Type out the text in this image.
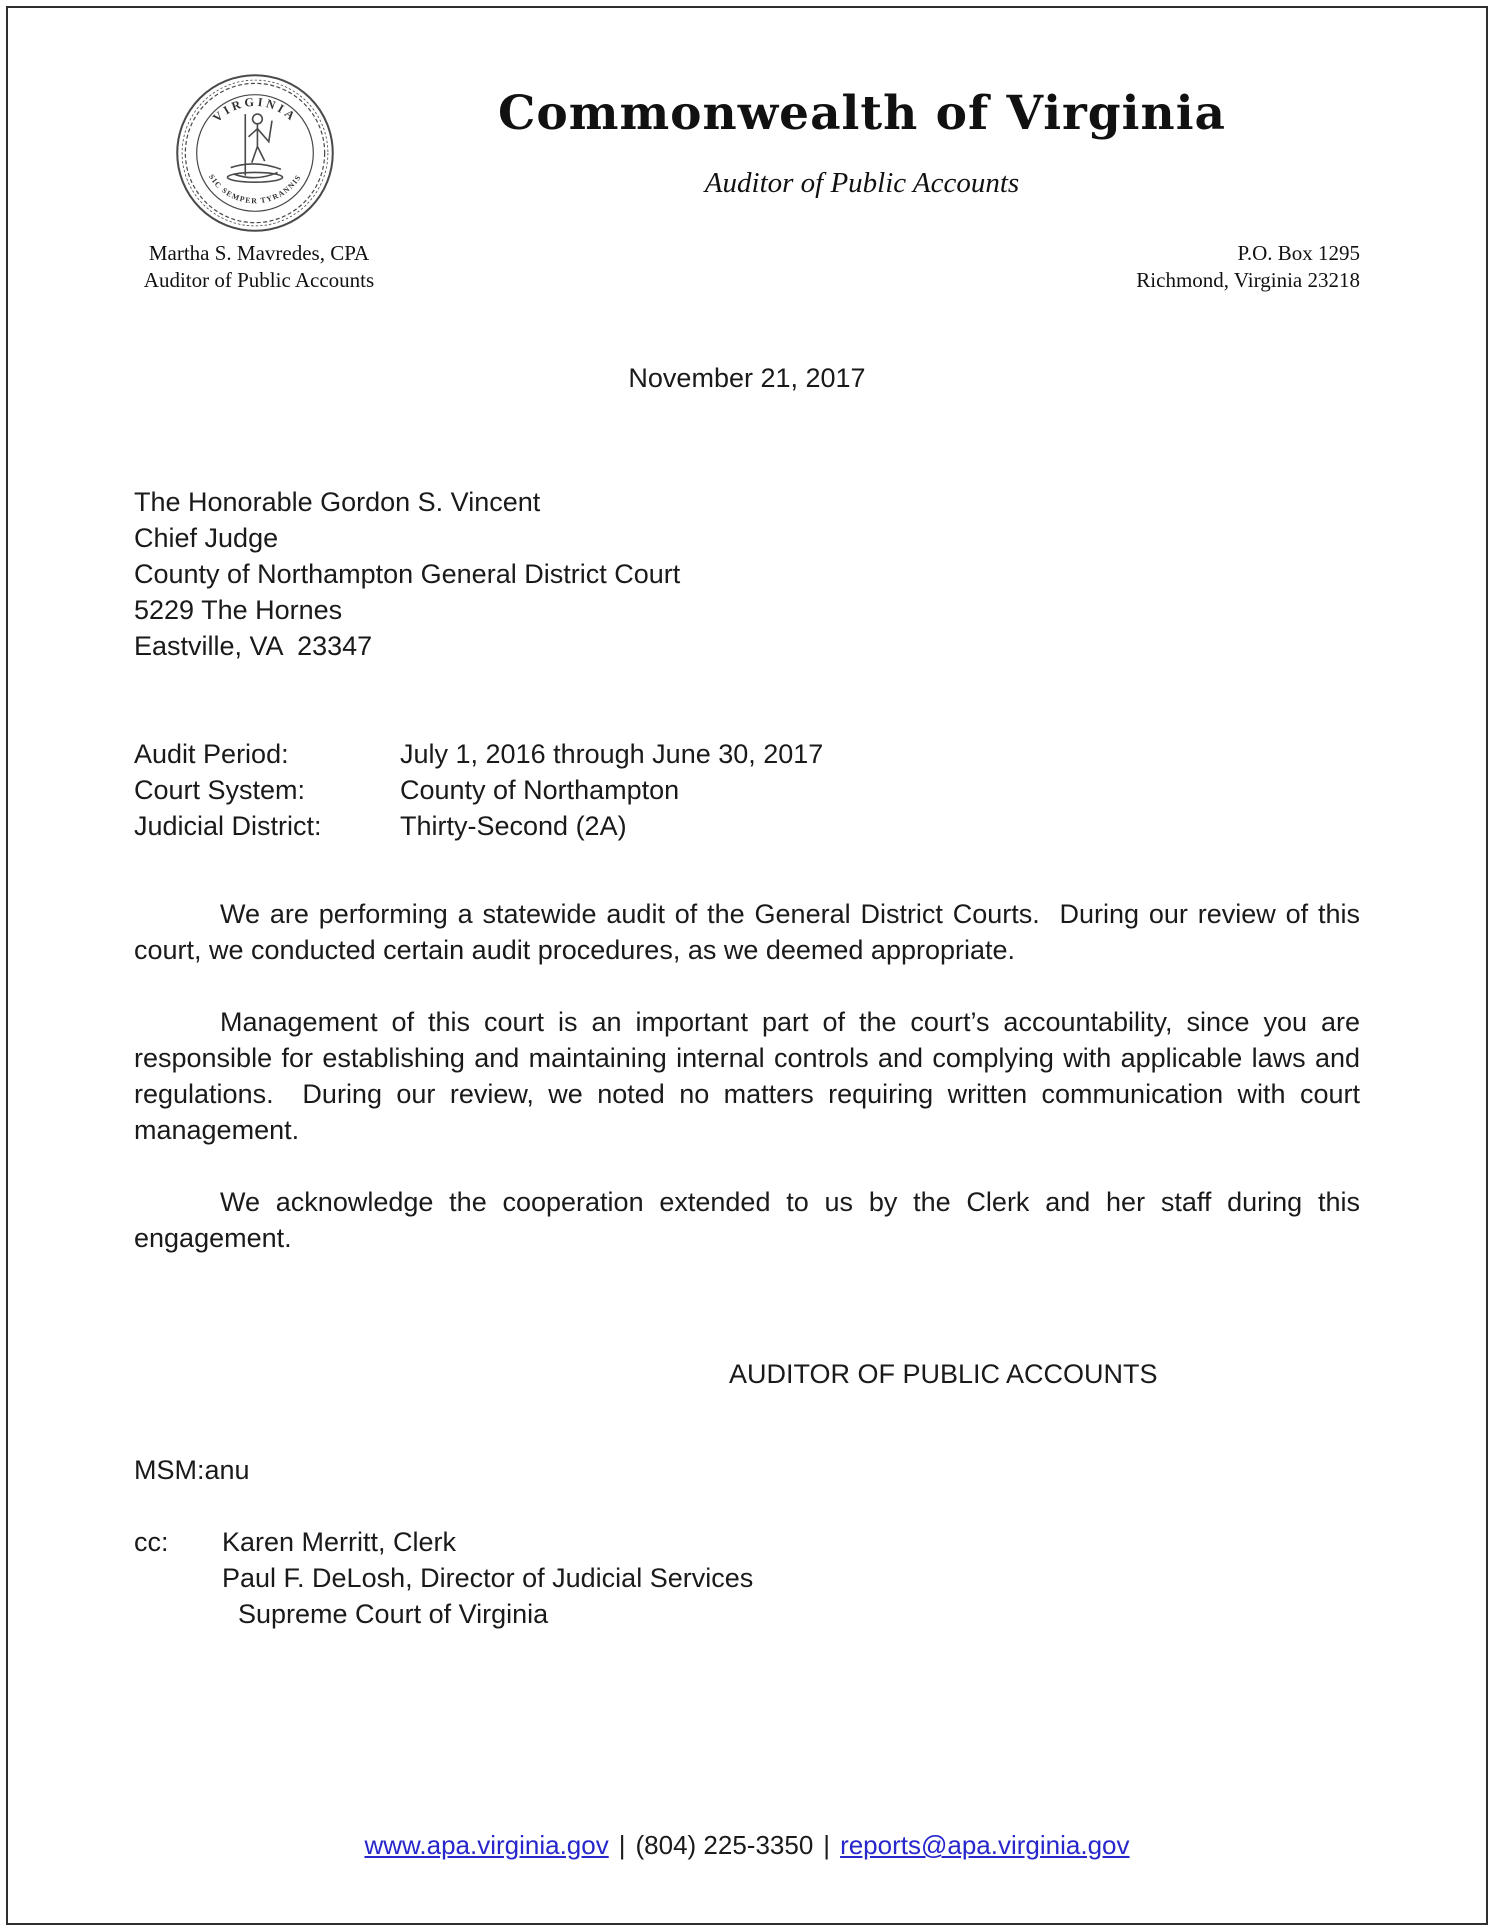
VIRGINIA
SIC SEMPER TYRANNIS
Commonwealth of Virginia
Auditor of Public Accounts
Martha S. Mavredes, CPA
Auditor of Public Accounts
P.O. Box 1295
Richmond, Virginia 23218
November 21, 2017
The Honorable Gordon S. Vincent
Chief Judge
County of Northampton General District Court
5229 The Hornes
Eastville, VA  23347
Audit Period:	July 1, 2016 through June 30, 2017
Court System:	County of Northampton
Judicial District:	Thirty-Second (2A)

We are performing a statewide audit of the General District Courts.  During our review of this court, we conducted certain audit procedures, as we deemed appropriate.

Management of this court is an important part of the court’s accountability, since you are responsible for establishing and maintaining internal controls and complying with applicable laws and regulations.  During our review, we noted no matters requiring written communication with court management.

We acknowledge the cooperation extended to us by the Clerk and her staff during this engagement.

AUDITOR OF PUBLIC ACCOUNTS
MSM:anu
cc:	Karen Merritt, Clerk
Paul F. DeLosh, Director of Judicial Services
Supreme Court of Virginia
www.apa.virginia.gov | (804) 225-3350 | reports@apa.virginia.gov
